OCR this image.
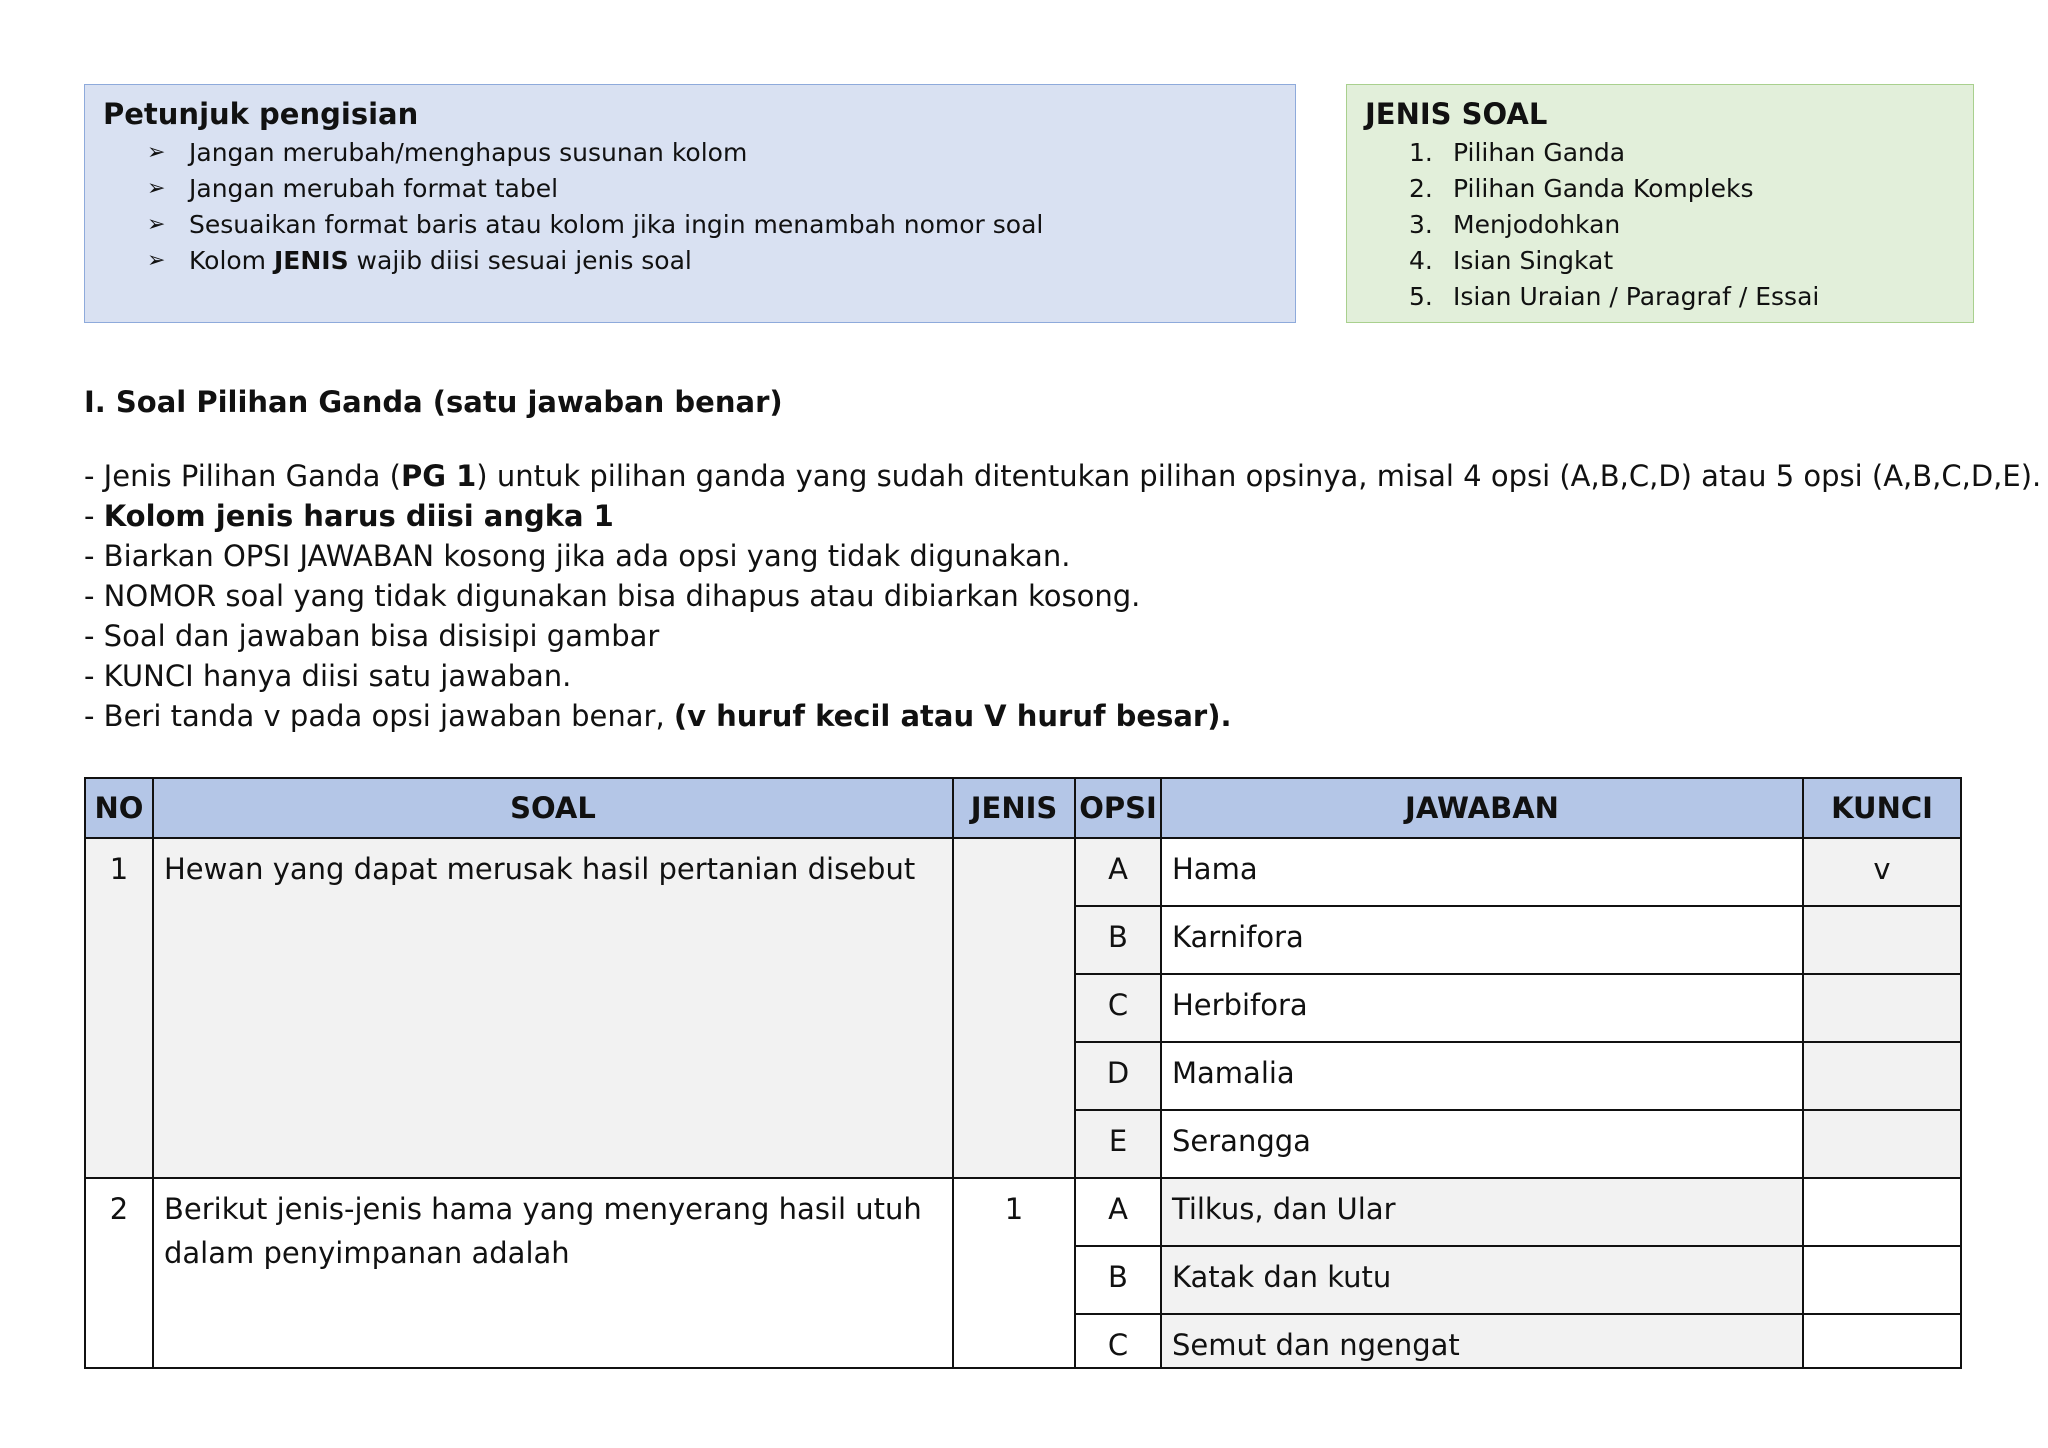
Petunjuk pengisian
➢ Jangan merubah/menghapus susunan kolom
➢ Jangan merubah format tabel
➢ Sesuaikan format baris atau kolom jika ingin menambah nomor soal
➢ Kolom JENIS wajib diisi sesuai jenis soal
JENIS SOAL
1. Pilihan Ganda
2. Pilihan Ganda Kompleks
3. Menjodohkan
4. Isian Singkat
5. Isian Uraian / Paragraf / Essai
I. Soal Pilihan Ganda (satu jawaban benar)
- Jenis Pilihan Ganda (PG 1) untuk pilihan ganda yang sudah ditentukan pilihan opsinya, misal 4 opsi (A,B,C,D) atau 5 opsi (A,B,C,D,E).
- Kolom jenis harus diisi angka 1
- Biarkan OPSI JAWABAN kosong jika ada opsi yang tidak digunakan.
- NOMOR soal yang tidak digunakan bisa dihapus atau dibiarkan kosong.
- Soal dan jawaban bisa disisipi gambar
- KUNCI hanya diisi satu jawaban.
- Beri tanda v pada opsi jawaban benar, (v huruf kecil atau V huruf besar).
NO	SOAL	JENIS	OPSI	JAWABAN	KUNCI
1	Hewan yang dapat merusak hasil pertanian disebut		A	Hama	v
			B	Karnifora	
			C	Herbifora	
			D	Mamalia	
			E	Serangga	
2	Berikut jenis-jenis hama yang menyerang hasil utuh
dalam penyimpanan adalah	1	A	Tilkus, dan Ular	
			B	Katak dan kutu	
			C	Semut dan ngengat	
